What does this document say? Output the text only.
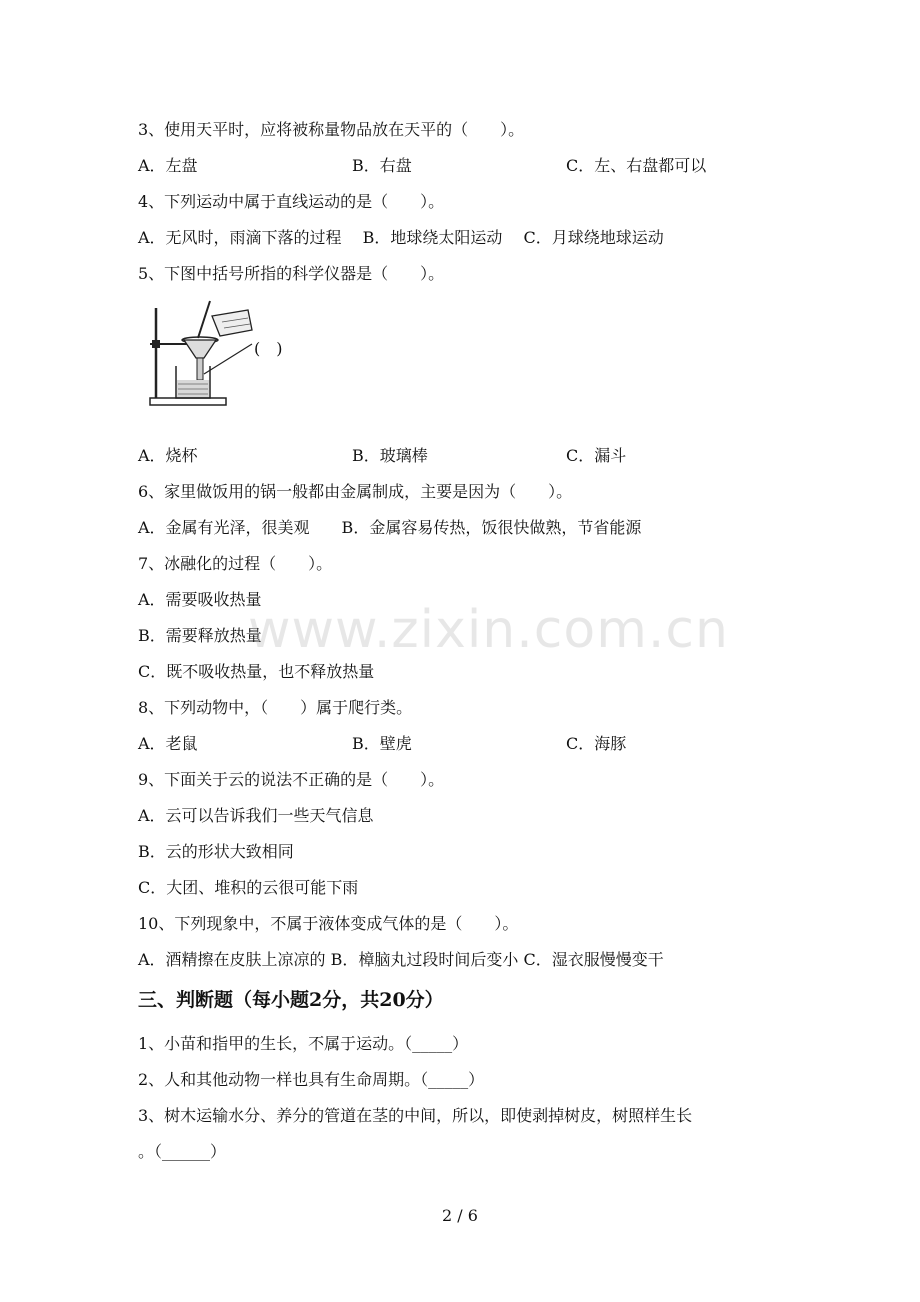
3、使用天平时，应将被称量物品放在天平的（　　）。
A．左盘	B．右盘	C．左、右盘都可以
4、下列运动中属于直线运动的是（　　）。
A．无风时，雨滴下落的过程　 B．地球绕太阳运动　 C．月球绕地球运动
5、下图中括号所指的科学仪器是（　　）。
(　)
A．烧杯	B．玻璃棒	C．漏斗
6、家里做饭用的锅一般都由金属制成，主要是因为（　　）。
A．金属有光泽，很美观　　B．金属容易传热，饭很快做熟，节省能源
7、冰融化的过程（　　）。
A．需要吸收热量
B．需要释放热量
C．既不吸收热量，也不释放热量
8、下列动物中，（　　）属于爬行类。
A．老鼠	B．壁虎	C．海豚
9、下面关于云的说法不正确的是（　　）。
A．云可以告诉我们一些天气信息
B．云的形状大致相同
C．大团、堆积的云很可能下雨
10、下列现象中，不属于液体变成气体的是（　　）。
A．酒精擦在皮肤上凉凉的 B．樟脑丸过段时间后变小 C．湿衣服慢慢变干
三、判断题（每小题2分，共20分）
1、小苗和指甲的生长，不属于运动。（_____）
2、人和其他动物一样也具有生命周期。（_____）
3、树木运输水分、养分的管道在茎的中间，所以，即使剥掉树皮，树照样生长
。（______）
www.zixin.com.cn
2 / 6
